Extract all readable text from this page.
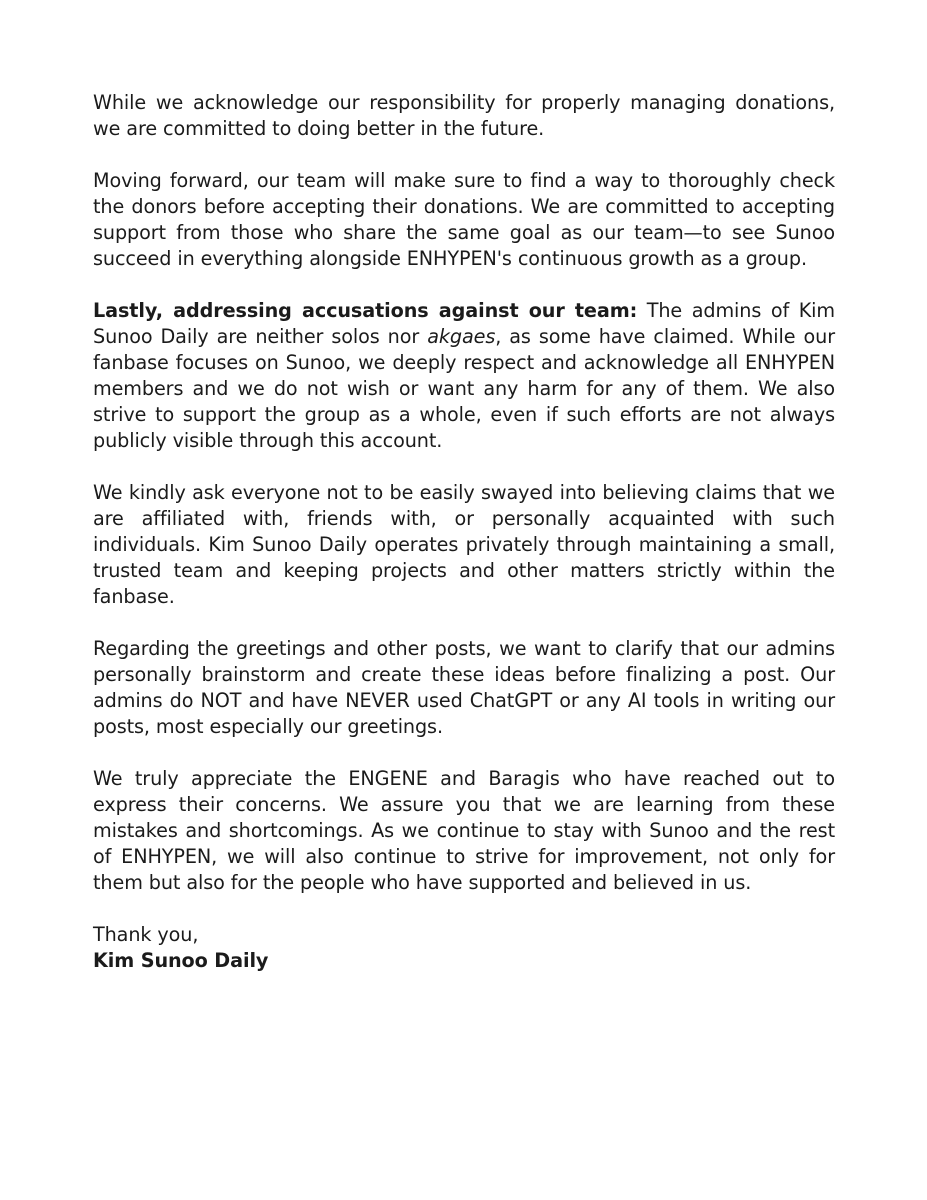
While we acknowledge our responsibility for properly managing donations, we are committed to doing better in the future.

Moving forward, our team will make sure to find a way to thoroughly check the donors before accepting their donations. We are committed to accepting support from those who share the same goal as our team—to see Sunoo succeed in everything alongside ENHYPEN's continuous growth as a group.

Lastly, addressing accusations against our team: The admins of Kim Sunoo Daily are neither solos nor akgaes, as some have claimed. While our fanbase focuses on Sunoo, we deeply respect and acknowledge all ENHYPEN members and we do not wish or want any harm for any of them. We also strive to support the group as a whole, even if such efforts are not always publicly visible through this account.

We kindly ask everyone not to be easily swayed into believing claims that we are affiliated with, friends with, or personally acquainted with such individuals. Kim Sunoo Daily operates privately through maintaining a small, trusted team and keeping projects and other matters strictly within the fanbase.

Regarding the greetings and other posts, we want to clarify that our admins personally brainstorm and create these ideas before finalizing a post. Our admins do NOT and have NEVER used ChatGPT or any AI tools in writing our posts, most especially our greetings.

We truly appreciate the ENGENE and Baragis who have reached out to express their concerns. We assure you that we are learning from these mistakes and shortcomings. As we continue to stay with Sunoo and the rest of ENHYPEN, we will also continue to strive for improvement, not only for them but also for the people who have supported and believed in us.

Thank you,
Kim Sunoo Daily
